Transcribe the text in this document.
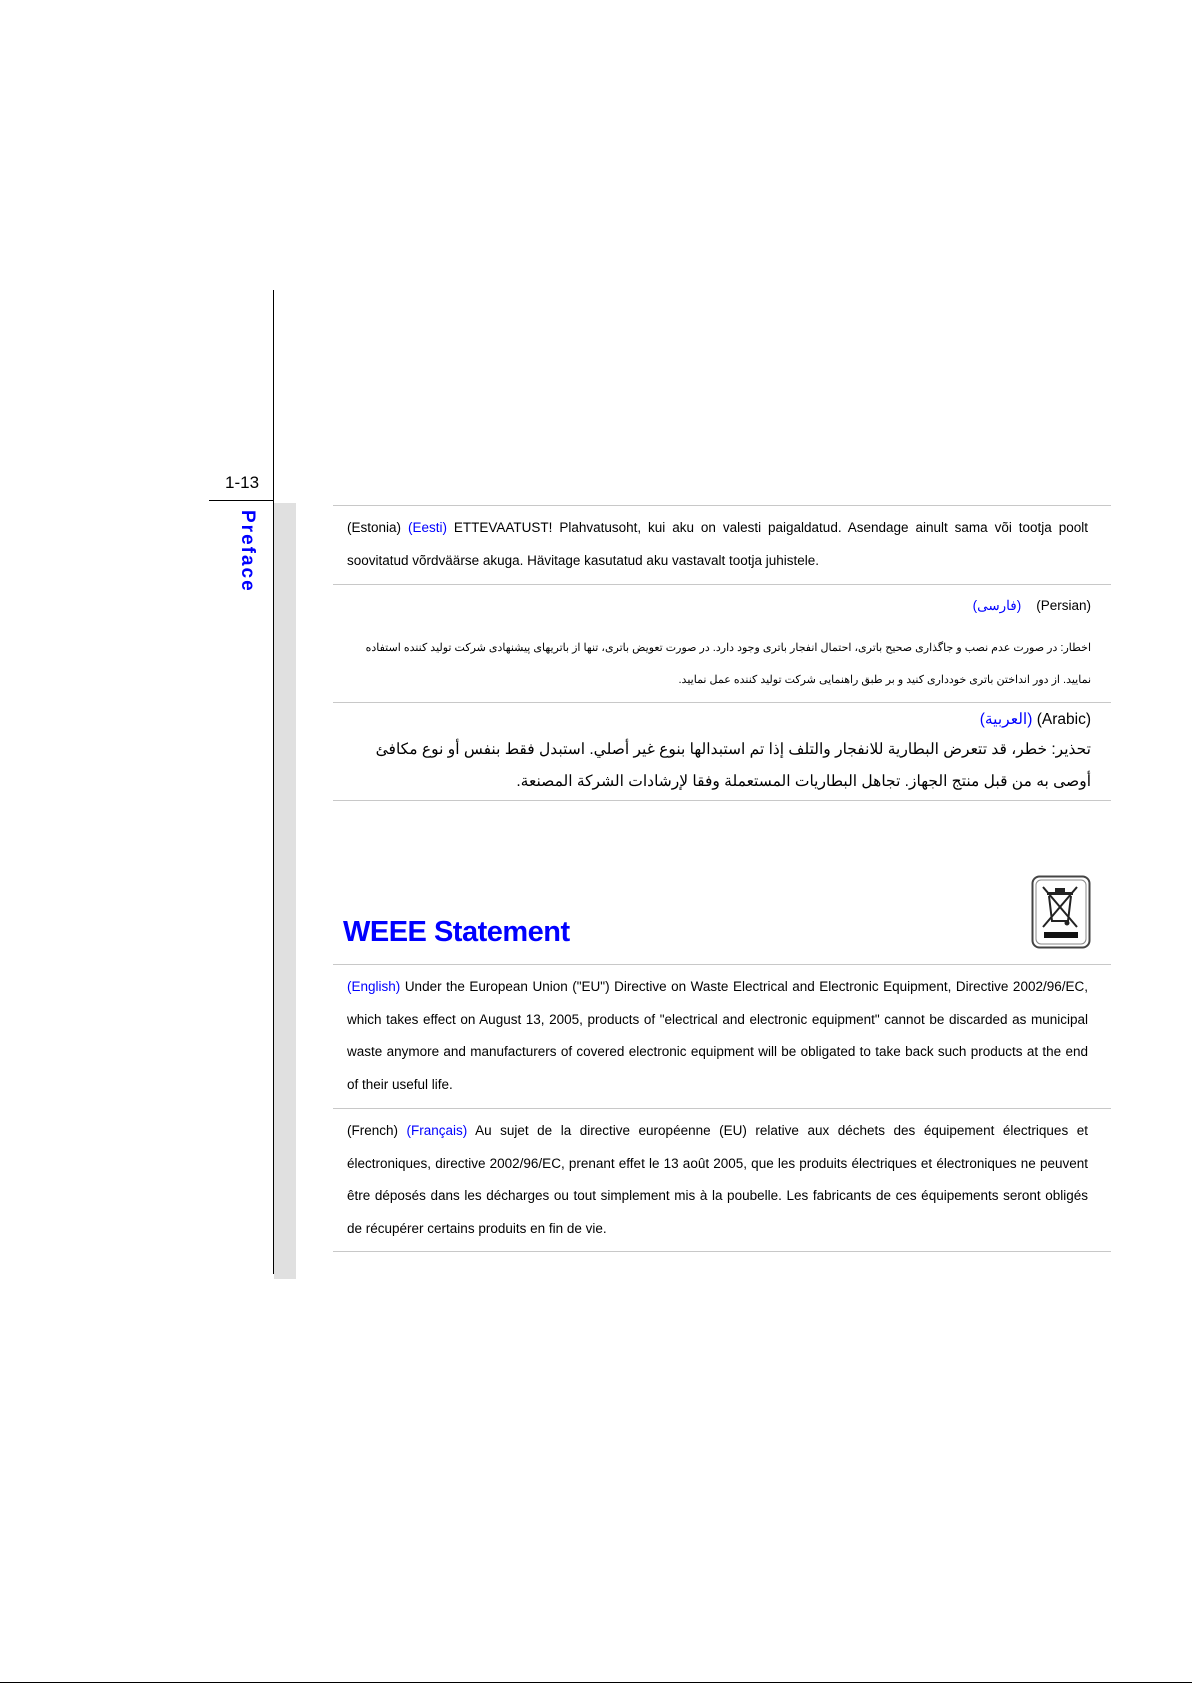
1-13
Preface	(Estonia) (Eesti) ETTEVAATUST! Plahvatusoht, kui aku on valesti paigaldatud. Asendage ainult sama või tootja poolt soovitatud võrdväärse akuga. Hävitage kasutatud aku vastavalt tootja juhistele.
(فارسی) (Persian)
اخطار: در صورت عدم نصب و جاگذاری صحیح باتری، احتمال انفجار باتری وجود دارد. در صورت تعویض باتری، تنها از باتریهای پیشنهادی شرکت تولید کننده استفاده نمایید. از دور انداختن باتری خودداری کنید و بر طبق راهنمایی شرکت تولید کننده عمل نمایید.
(العربية) (Arabic)
تحذير: خطر، قد تتعرض البطارية للانفجار والتلف إذا تم استبدالها بنوع غير أصلي. استبدل فقط بنفس أو نوع مكافئ أوصى به من قبل منتج الجهاز. تجاهل البطاريات المستعملة وفقا لإرشادات الشركة المصنعة.
WEEE Statement
(English) Under the European Union ("EU") Directive on Waste Electrical and Electronic Equipment, Directive 2002/96/EC, which takes effect on August 13, 2005, products of "electrical and electronic equipment" cannot be discarded as municipal waste anymore and manufacturers of covered electronic equipment will be obligated to take back such products at the end of their useful life.
(French) (Français) Au sujet de la directive européenne (EU) relative aux déchets des équipement électriques et électroniques, directive 2002/96/EC, prenant effet le 13 août 2005, que les produits électriques et électroniques ne peuvent être déposés dans les décharges ou tout simplement mis à la poubelle. Les fabricants de ces équipements seront obligés de récupérer certains produits en fin de vie.
